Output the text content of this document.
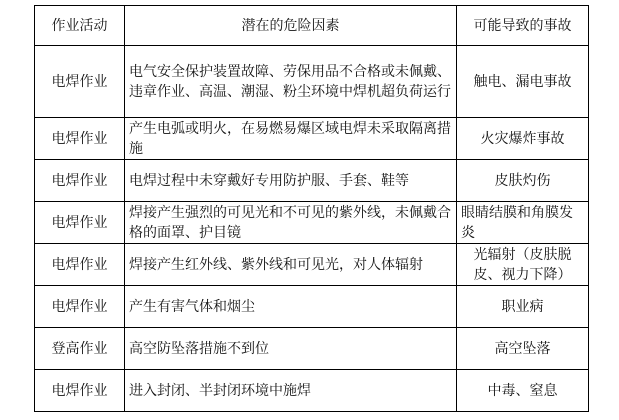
作业活动	潜在的危险因素	可能导致的事故
电焊作业	电气安全保护装置故障、劳保用品不合格或未佩戴、违章作业、高温、潮湿、粉尘环境中焊机超负荷运行	触电、漏电事故
电焊作业	产生电弧或明火，在易燃易爆区域电焊未采取隔离措施	火灾爆炸事故
电焊作业	电焊过程中未穿戴好专用防护服、手套、鞋等	皮肤灼伤
电焊作业	焊接产生强烈的可见光和不可见的紫外线，未佩戴合格的面罩、护目镜	眼睛结膜和角膜发炎
电焊作业	焊接产生红外线、紫外线和可见光，对人体辐射	光辐射（皮肤脱皮、视力下降）
电焊作业	产生有害气体和烟尘	职业病
登高作业	高空防坠落措施不到位	高空坠落
电焊作业	进入封闭、半封闭环境中施焊	中毒、窒息
